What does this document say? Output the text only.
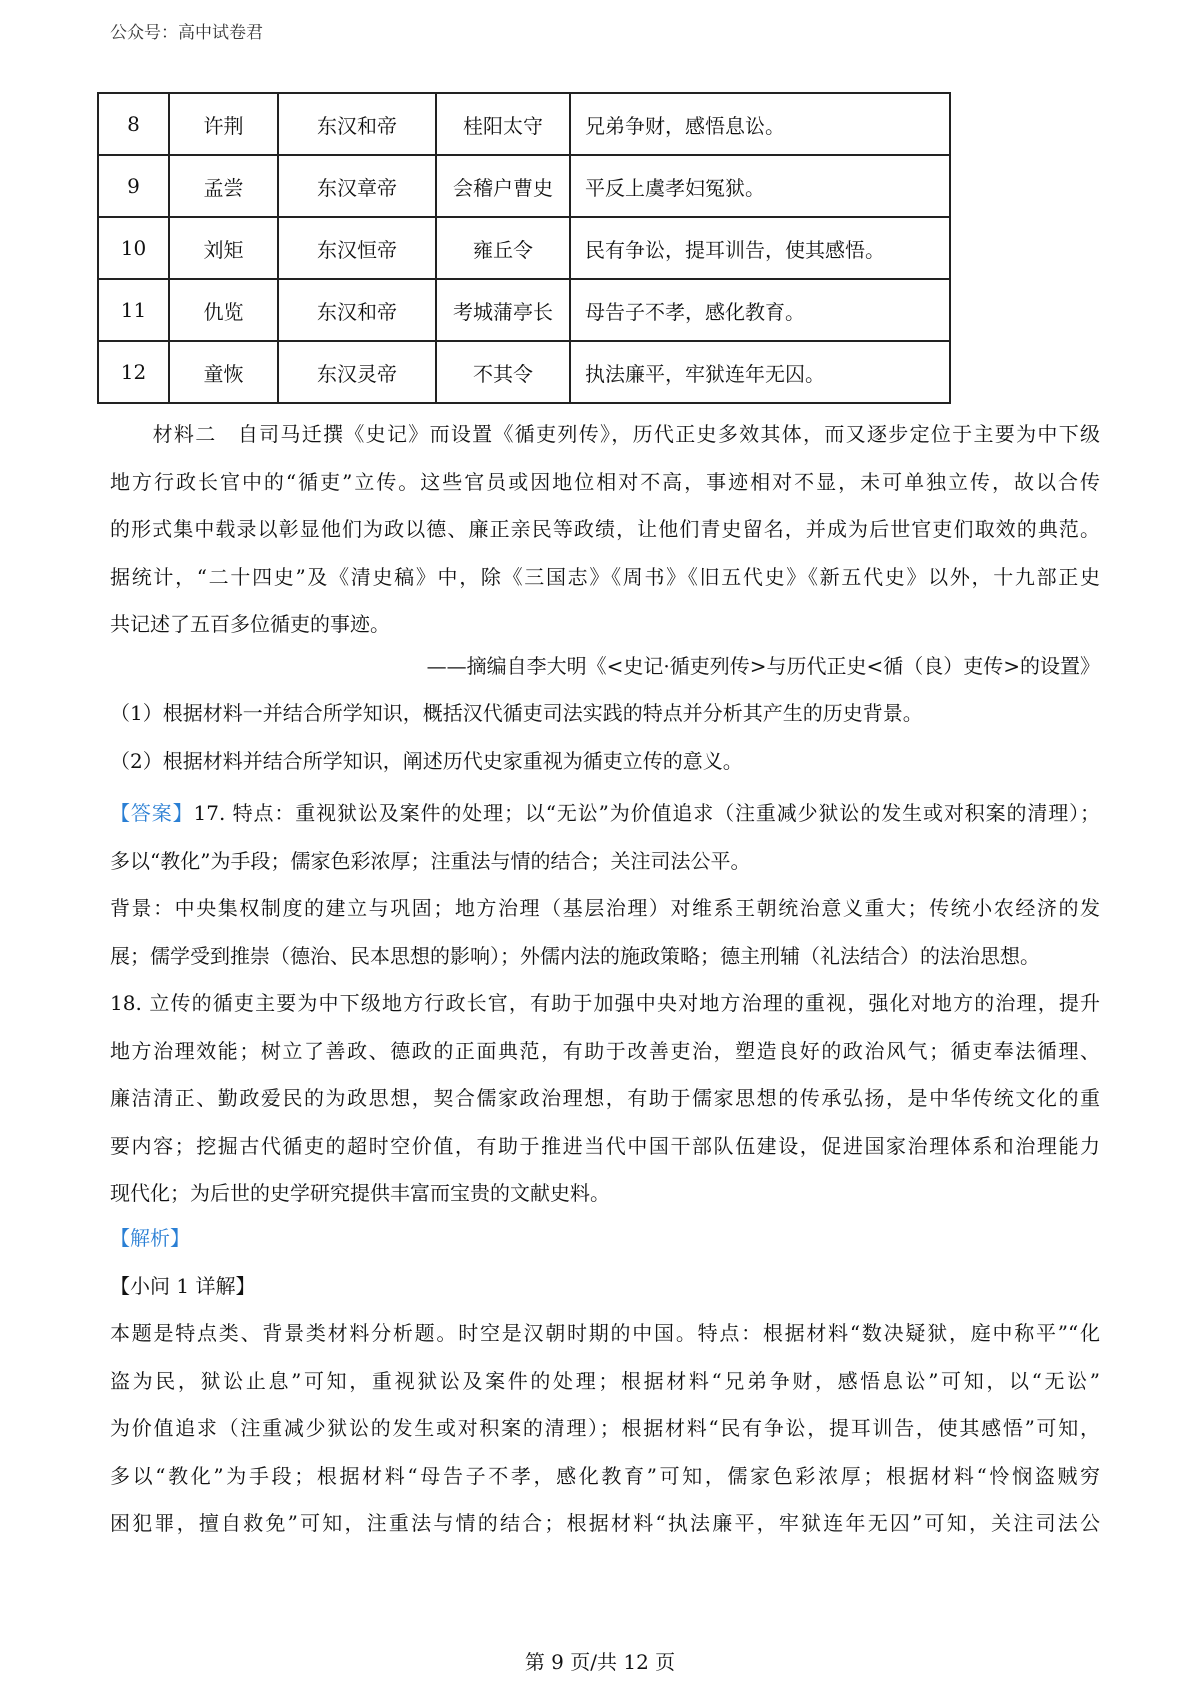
公众号：高中试卷君
8	许荆	东汉和帝	桂阳太守	兄弟争财，感悟息讼。
9	孟尝	东汉章帝	会稽户曹史	平反上虞孝妇冤狱。
10	刘矩	东汉恒帝	雍丘令	民有争讼，提耳训告，使其感悟。
11	仇览	东汉和帝	考城蒲亭长	母告子不孝，感化教育。
12	童恢	东汉灵帝	不其令	执法廉平，牢狱连年无囚。
　　材料二　自司马迁撰《史记》而设置《循吏列传》，历代正史多效其体，而又逐步定位于主要为中下级
地方行政长官中的“循吏”立传。这些官员或因地位相对不高，事迹相对不显，未可单独立传，故以合传
的形式集中载录以彰显他们为政以德、廉正亲民等政绩，让他们青史留名，并成为后世官吏们取效的典范。
据统计，“二十四史”及《清史稿》中，除《三国志》《周书》《旧五代史》《新五代史》以外，十九部正史
共记述了五百多位循吏的事迹。
——摘编自李大明《<史记·循吏列传>与历代正史<循（良）吏传>的设置》
（1）根据材料一并结合所学知识，概括汉代循吏司法实践的特点并分析其产生的历史背景。
（2）根据材料并结合所学知识，阐述历代史家重视为循吏立传的意义。
【答案】17. 特点：重视狱讼及案件的处理；以“无讼”为价值追求（注重减少狱讼的发生或对积案的清理）；
多以“教化”为手段；儒家色彩浓厚；注重法与情的结合；关注司法公平。
背景：中央集权制度的建立与巩固；地方治理（基层治理）对维系王朝统治意义重大；传统小农经济的发
展；儒学受到推崇（德治、民本思想的影响）；外儒内法的施政策略；德主刑辅（礼法结合）的法治思想。
18. 立传的循吏主要为中下级地方行政长官，有助于加强中央对地方治理的重视，强化对地方的治理，提升
地方治理效能；树立了善政、德政的正面典范，有助于改善吏治，塑造良好的政治风气；循吏奉法循理、
廉洁清正、勤政爱民的为政思想，契合儒家政治理想，有助于儒家思想的传承弘扬，是中华传统文化的重
要内容；挖掘古代循吏的超时空价值，有助于推进当代中国干部队伍建设，促进国家治理体系和治理能力
现代化；为后世的史学研究提供丰富而宝贵的文献史料。
【解析】
【小问 1 详解】
本题是特点类、背景类材料分析题。时空是汉朝时期的中国。特点：根据材料“数决疑狱，庭中称平”“化
盗为民，狱讼止息”可知，重视狱讼及案件的处理；根据材料“兄弟争财，感悟息讼”可知，以“无讼”
为价值追求（注重减少狱讼的发生或对积案的清理）；根据材料“民有争讼，提耳训告，使其感悟”可知，
多以“教化”为手段；根据材料“母告子不孝，感化教育”可知，儒家色彩浓厚；根据材料“怜悯盗贼穷
困犯罪，擅自救免”可知，注重法与情的结合；根据材料“执法廉平，牢狱连年无囚”可知，关注司法公
第 9 页/共 12 页
